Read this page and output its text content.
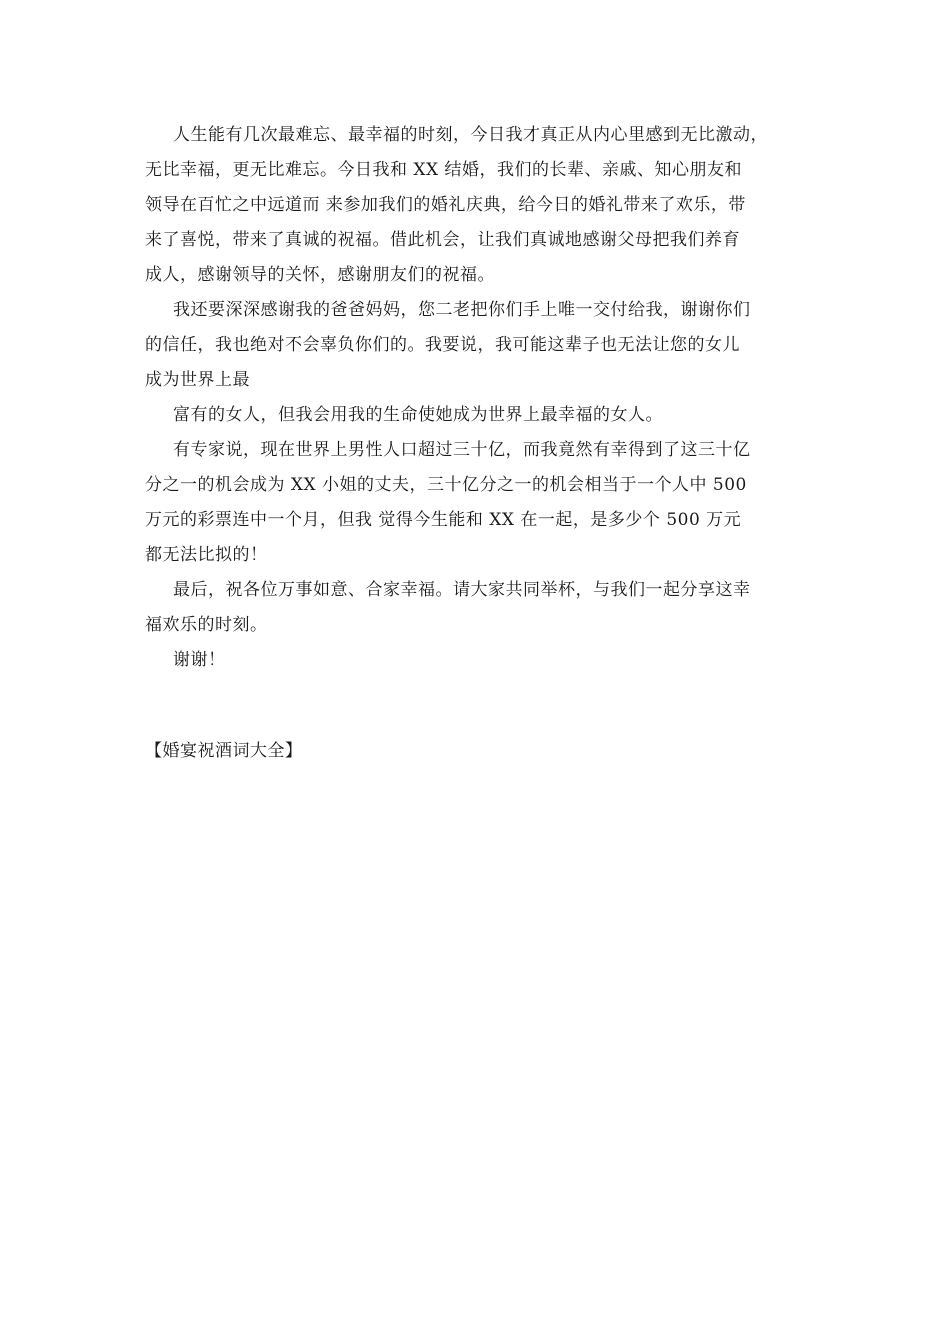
人生能有几次最难忘、最幸福的时刻，今日我才真正从内心里感到无比激动，
无比幸福，更无比难忘。今日我和 XX 结婚，我们的长辈、亲戚、知心朋友和
领导在百忙之中远道而 来参加我们的婚礼庆典，给今日的婚礼带来了欢乐，带
来了喜悦，带来了真诚的祝福。借此机会，让我们真诚地感谢父母把我们养育
成人，感谢领导的关怀，感谢朋友们的祝福。
我还要深深感谢我的爸爸妈妈，您二老把你们手上唯一交付给我，谢谢你们
的信任，我也绝对不会辜负你们的。我要说，我可能这辈子也无法让您的女儿
成为世界上最
富有的女人，但我会用我的生命使她成为世界上最幸福的女人。
有专家说，现在世界上男性人口超过三十亿，而我竟然有幸得到了这三十亿
分之一的机会成为 XX 小姐的丈夫，三十亿分之一的机会相当于一个人中 500
万元的彩票连中一个月，但我 觉得今生能和 XX 在一起，是多少个 500 万元
都无法比拟的！
最后，祝各位万事如意、合家幸福。请大家共同举杯，与我们一起分享这幸
福欢乐的时刻。
谢谢！
【婚宴祝酒词大全】
